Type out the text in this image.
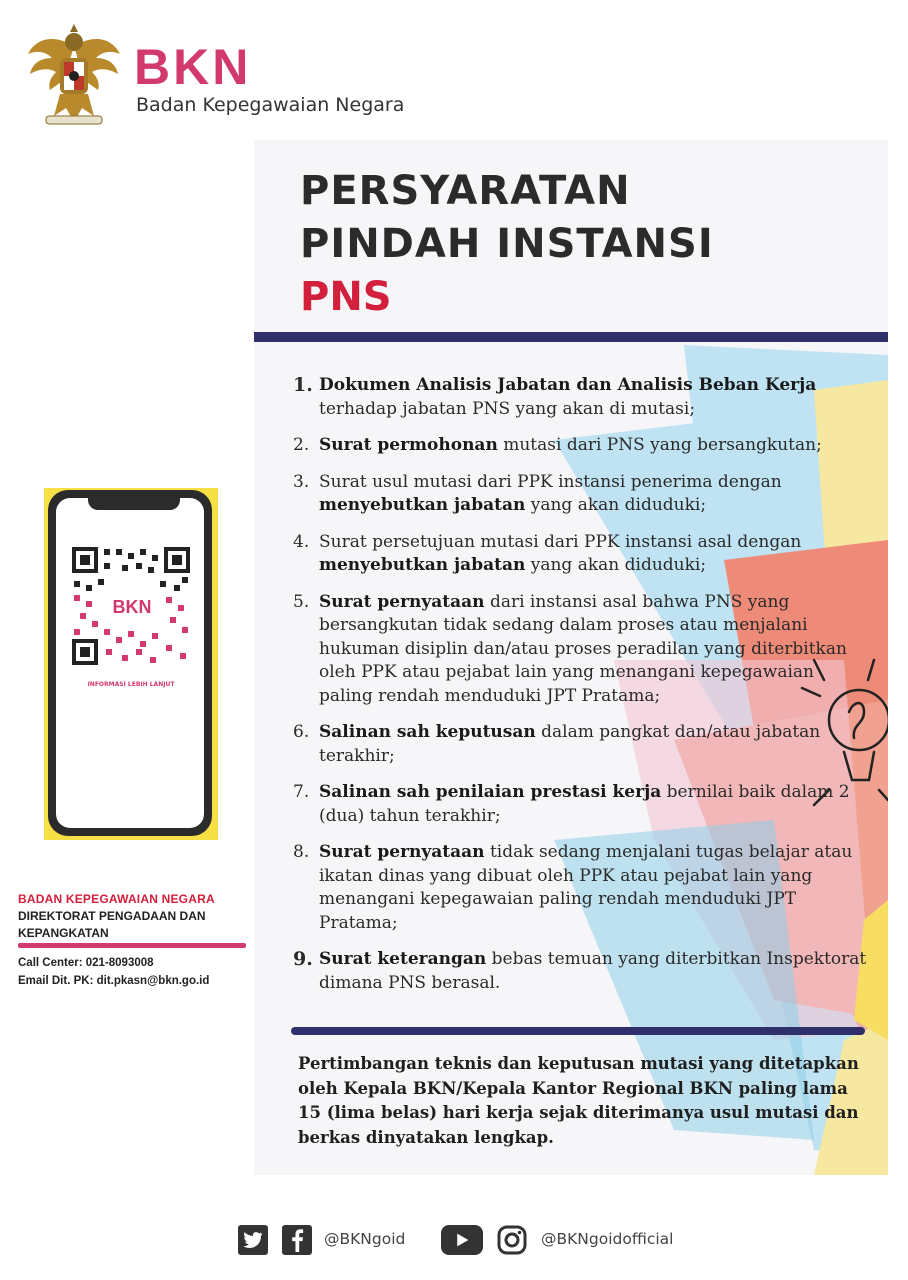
BKN
Badan Kepegawaian Negara
PERSYARATAN
PINDAH INSTANSI
PNS
1. Dokumen Analisis Jabatan dan Analisis Beban Kerja terhadap jabatan PNS yang akan di mutasi;
2. Surat permohonan mutasi dari PNS yang bersangkutan;
3. Surat usul mutasi dari PPK instansi penerima dengan menyebutkan jabatan yang akan diduduki;
4. Surat persetujuan mutasi dari PPK instansi asal dengan menyebutkan jabatan yang akan diduduki;
5. Surat pernyataan dari instansi asal bahwa PNS yang bersangkutan tidak sedang dalam proses atau menjalani hukuman disiplin dan/atau proses peradilan yang diterbitkan oleh PPK atau pejabat lain yang menangani kepegawaian paling rendah menduduki JPT Pratama;
6. Salinan sah keputusan dalam pangkat dan/atau jabatan terakhir;
7. Salinan sah penilaian prestasi kerja bernilai baik dalam 2 (dua) tahun terakhir;
8. Surat pernyataan tidak sedang menjalani tugas belajar atau ikatan dinas yang dibuat oleh PPK atau pejabat lain yang menangani kepegawaian paling rendah menduduki JPT Pratama;
9. Surat keterangan bebas temuan yang diterbitkan Inspektorat dimana PNS berasal.
Pertimbangan teknis dan keputusan mutasi yang ditetapkan oleh Kepala BKN/Kepala Kantor Regional BKN paling lama 15 (lima belas) hari kerja sejak diterimanya usul mutasi dan berkas dinyatakan lengkap.
BKN
INFORMASI LEBIH LANJUT
BADAN KEPEGAWAIAN NEGARA
DIREKTORAT PENGADAAN DAN
KEPANGKATAN
Call Center: 021-8093008
Email Dit. PK: dit.pkasn@bkn.go.id
@BKNgoid	@BKNgoidofficial
